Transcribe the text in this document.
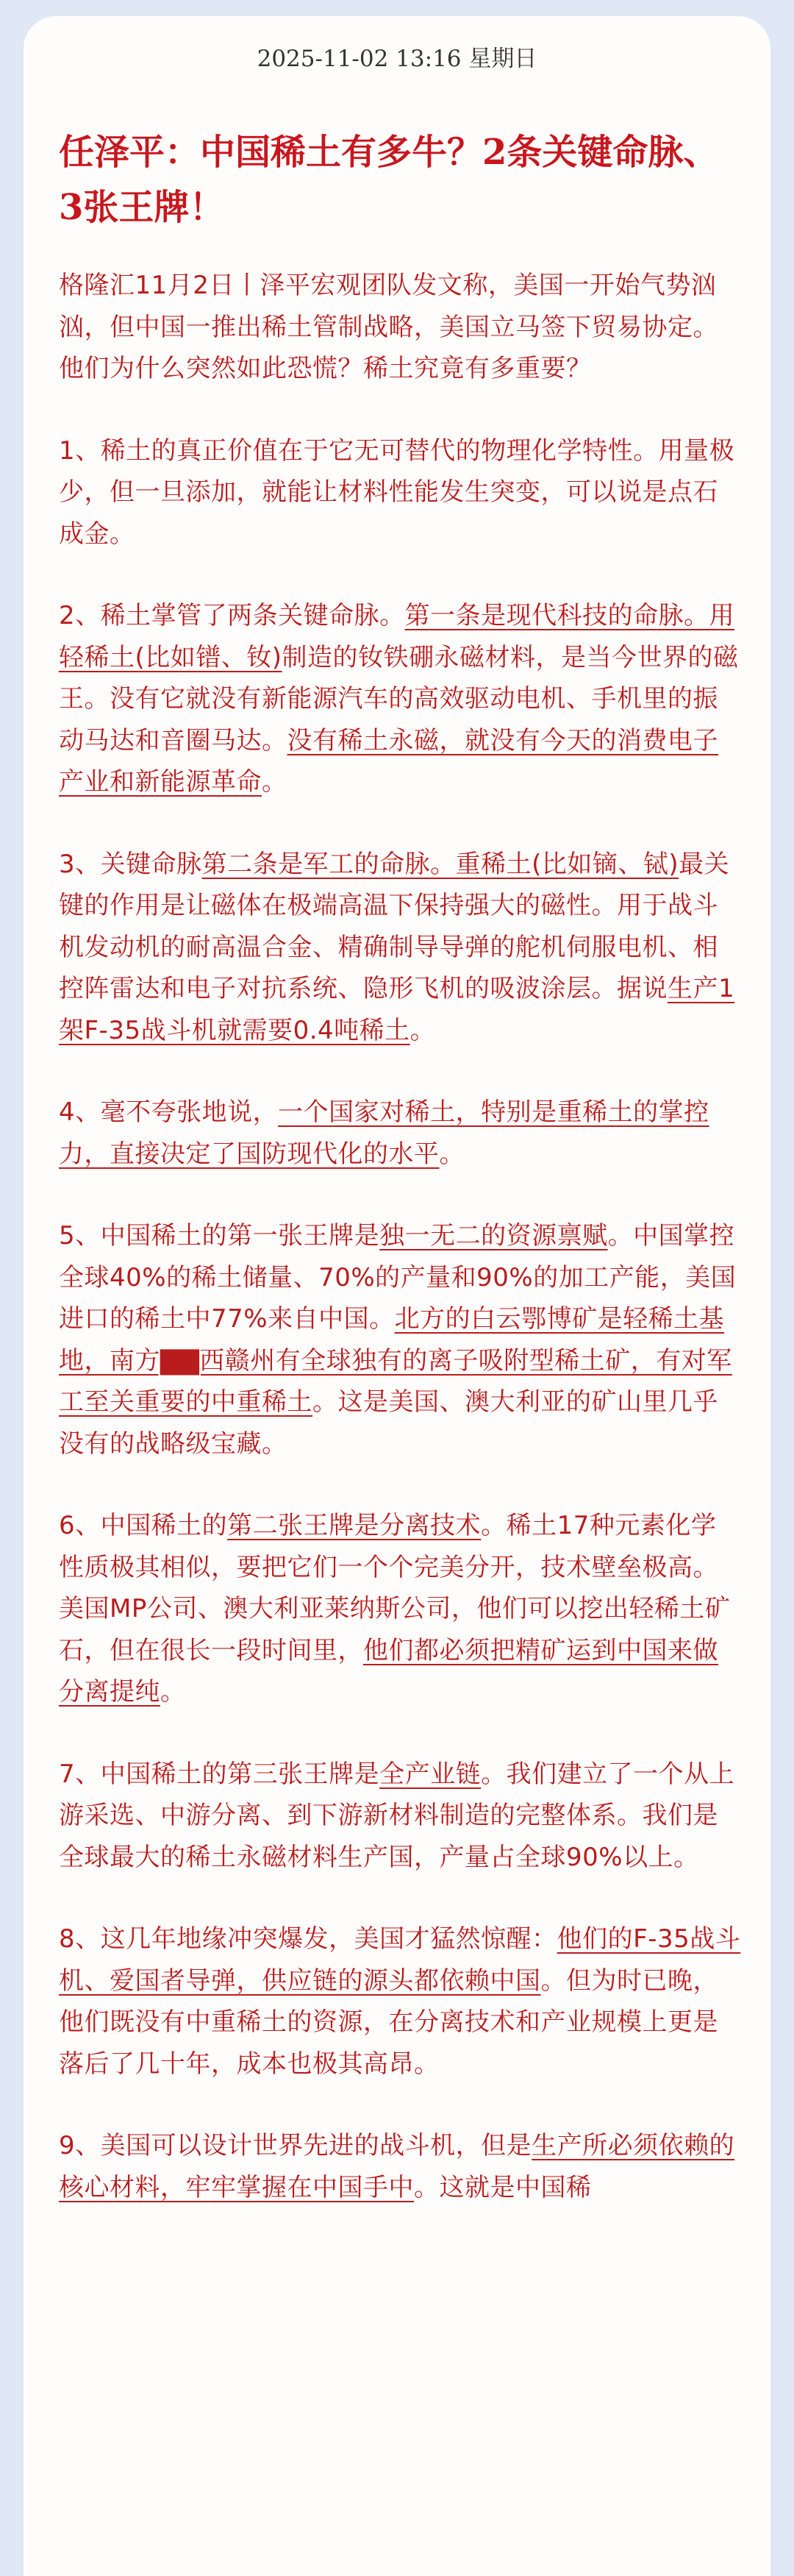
2025-11-02 13:16 星期日
任泽平：中国稀土有多牛？2条关键命脉、3张王牌！

格隆汇11月2日丨泽平宏观团队发文称，美国一开始气势汹汹，但中国一推出稀土管制战略，美国立马签下贸易协定。他们为什么突然如此恐慌？稀土究竟有多重要？

1、稀土的真正价值在于它无可替代的物理化学特性。用量极少，但一旦添加，就能让材料性能发生突变，可以说是点石成金。

2、稀土掌管了两条关键命脉。第一条是现代科技的命脉。用轻稀土(比如镨、钕)制造的钕铁硼永磁材料，是当今世界的磁王。没有它就没有新能源汽车的高效驱动电机、手机里的振动马达和音圈马达。没有稀土永磁，就没有今天的消费电子产业和新能源革命。

3、关键命脉第二条是军工的命脉。重稀土(比如镝、铽)最关键的作用是让磁体在极端高温下保持强大的磁性。用于战斗机发动机的耐高温合金、精确制导导弹的舵机伺服电机、相控阵雷达和电子对抗系统、隐形飞机的吸波涂层。据说生产1架F-35战斗机就需要0.4吨稀土。

4、毫不夸张地说，一个国家对稀土，特别是重稀土的掌控力，直接决定了国防现代化的水平。

5、中国稀土的第一张王牌是独一无二的资源禀赋。中国掌控全球40%的稀土储量、70%的产量和90%的加工产能，美国进口的稀土中77%来自中国。北方的白云鄂博矿是轻稀土基地，南方▇▇西赣州有全球独有的离子吸附型稀土矿，有对军工至关重要的中重稀土。这是美国、澳大利亚的矿山里几乎没有的战略级宝藏。

6、中国稀土的第二张王牌是分离技术。稀土17种元素化学性质极其相似，要把它们一个个完美分开，技术壁垒极高。美国MP公司、澳大利亚莱纳斯公司，他们可以挖出轻稀土矿石，但在很长一段时间里，他们都必须把精矿运到中国来做分离提纯。

7、中国稀土的第三张王牌是全产业链。我们建立了一个从上游采选、中游分离、到下游新材料制造的完整体系。我们是全球最大的稀土永磁材料生产国，产量占全球90%以上。

8、这几年地缘冲突爆发，美国才猛然惊醒：他们的F-35战斗机、爱国者导弹，供应链的源头都依赖中国。但为时已晚，他们既没有中重稀土的资源，在分离技术和产业规模上更是落后了几十年，成本也极其高昂。

9、美国可以设计世界先进的战斗机，但是生产所必须依赖的核心材料，牢牢掌握在中国手中。这就是中国稀
